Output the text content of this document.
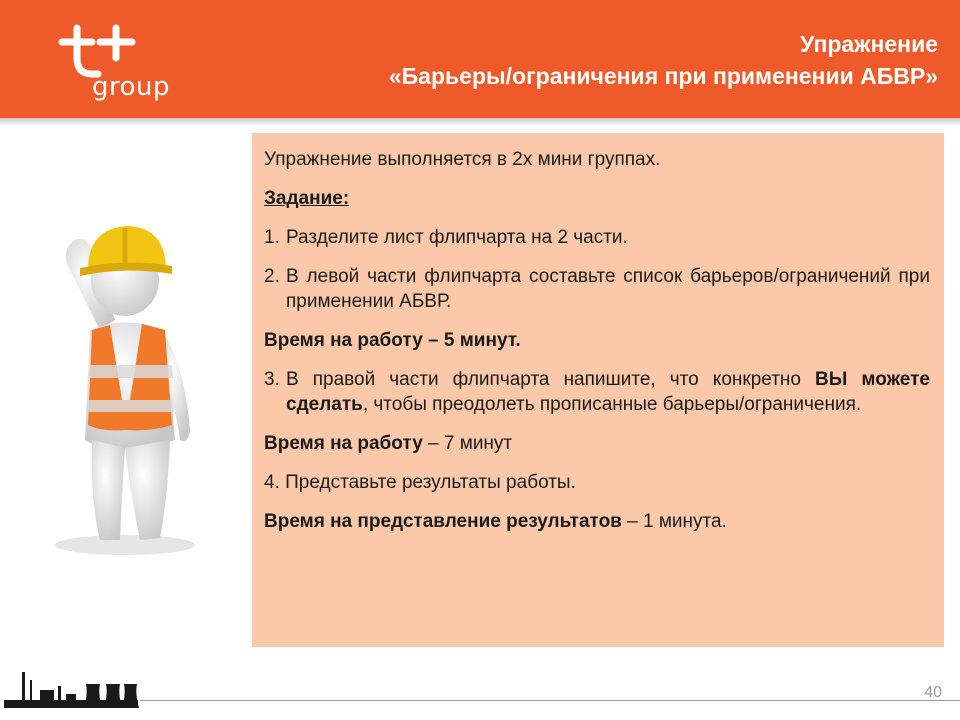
group
Упражнение
«Барьеры/ограничения при применении АБВР»

Упражнение выполняется в 2х мини группах.

Задание:

1. Разделите лист флипчарта на 2 части.
2. В левой части флипчарта составьте список барьеров/ограничений при применении АБВР.

Время на работу – 5 минут.

3. В правой части флипчарта напишите, что конкретно ВЫ можете сделать, чтобы преодолеть прописанные барьеры/ограничения.

Время на работу – 7 минут

4. Представьте результаты работы.

Время на представление результатов – 1 минута.

40
